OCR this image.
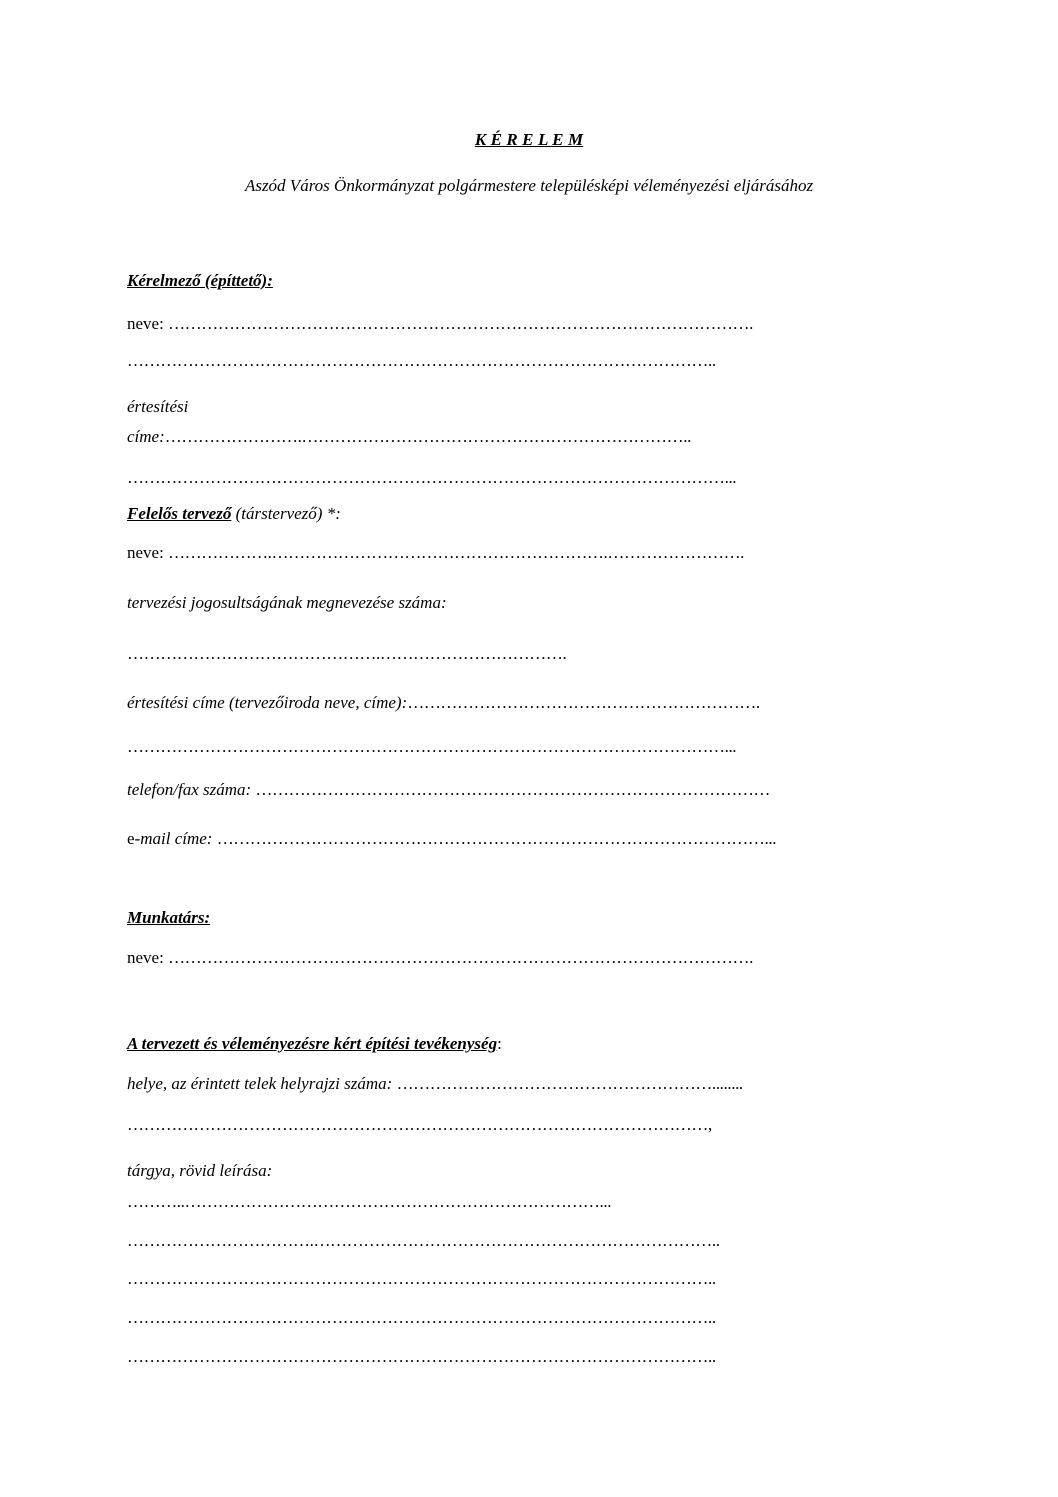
K É R E L E M
Aszód Város Önkormányzat polgármestere településképi véleményezési eljárásához
Kérelmező (építtető):
neve: …………………………………………………………………………………………….
……………………………………………………………………………………………..
értesítési
címe:…………………….……………………………………………………………..
………………………………………………………………………………………………...
Felelős tervező (társtervező) *:
neve: ……………….…………………………………………………….…………………….
tervezési jogosultságának megnevezése száma:
……………………………………….…………………………….
értesítési címe (tervezőiroda neve, címe):……………………………………………………….
………………………………………………………………………………………………...
telefon/fax száma: …………………………………………………………………………………
e-mail címe: ………………………………………………………………………………………...
Munkatárs:
neve: …………………………………………………………………………………………….
A tervezett és véleményezésre kért építési tevékenység:
helye, az érintett telek helyrajzi száma: …………………………………………………........
……………………………………………………………………………………………,
tárgya, rövid leírása:
………..…………………………………………………………………...
…………………………….………………………………………………………………..
……………………………………………………………………………………………..
……………………………………………………………………………………………..
……………………………………………………………………………………………..
